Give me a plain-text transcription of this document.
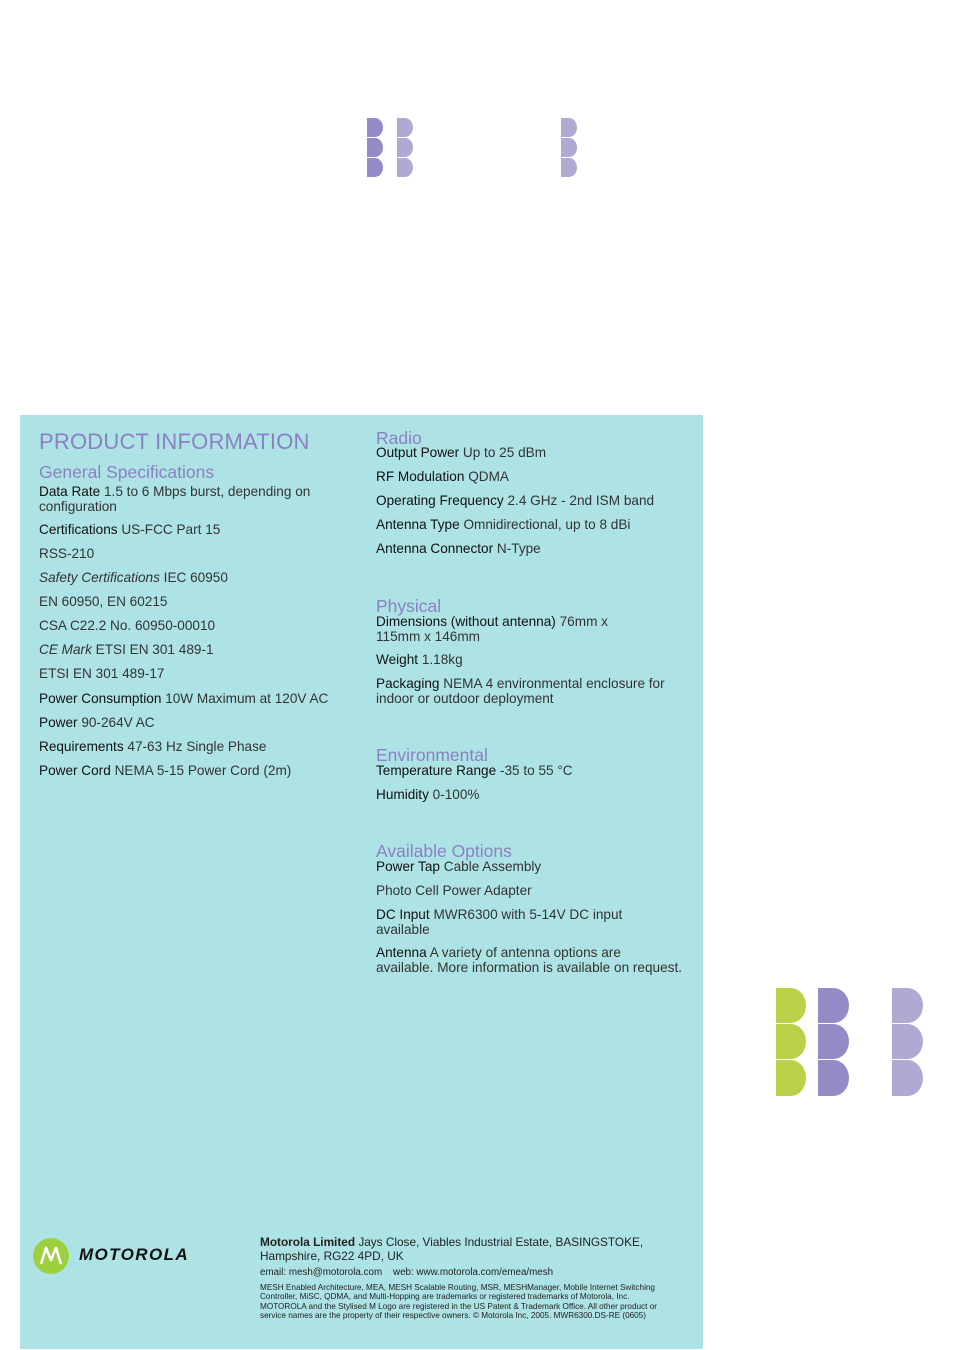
PRODUCT INFORMATION
General Specifications
Data Rate 1.5 to 6 Mbps burst, depending on
configuration
Certifications US-FCC Part 15
RSS-210
Safety Certifications IEC 60950
EN 60950, EN 60215
CSA C22.2 No. 60950-00010
CE Mark ETSI EN 301 489-1
ETSI EN 301 489-17
Power Consumption 10W Maximum at 120V AC
Power 90-264V AC
Requirements 47-63 Hz Single Phase
Power Cord NEMA 5-15 Power Cord (2m)
Radio
Output Power Up to 25 dBm
RF Modulation QDMA
Operating Frequency 2.4 GHz - 2nd ISM band
Antenna Type Omnidirectional, up to 8 dBi
Antenna Connector N-Type
Physical
Dimensions (without antenna) 76mm x
115mm x 146mm
Weight 1.18kg
Packaging NEMA 4 environmental enclosure for
indoor or outdoor deployment
Environmental
Temperature Range -35 to 55 °C
Humidity 0-100%
Available Options
Power Tap Cable Assembly
Photo Cell Power Adapter
DC Input MWR6300 with 5-14V DC input
available
Antenna A variety of antenna options are
available. More information is available on request.
MOTOROLA
Motorola Limited Jays Close, Viables Industrial Estate, BASINGSTOKE,
Hampshire, RG22 4PD, UK
email: mesh@motorola.com web: www.motorola.com/emea/mesh
MESH Enabled Architecture, MEA, MESH Scalable Routing, MSR, MESHManager, Mobile Internet Switching
Controller, MiSC, QDMA, and Multi-Hopping are trademarks or registered trademarks of Motorola, Inc.
MOTOROLA and the Stylised M Logo are registered in the US Patent & Trademark Office. All other product or
service names are the property of their respective owners. © Motorola Inc, 2005. MWR6300.DS-RE (0605)
